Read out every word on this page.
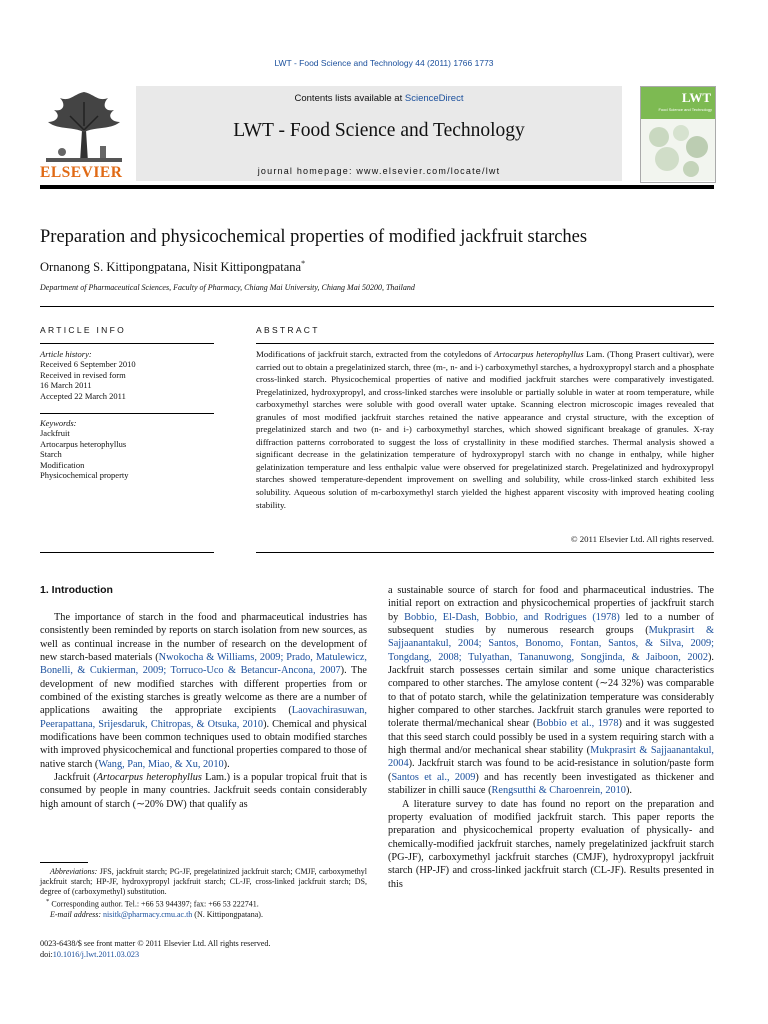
LWT - Food Science and Technology 44 (2011) 1766 1773
ELSEVIER
Contents lists available at ScienceDirect
LWT - Food Science and Technology
journal homepage: www.elsevier.com/locate/lwt
LWT
Food Science and Technology
Preparation and physicochemical properties of modified jackfruit starches
Ornanong S. Kittipongpatana, Nisit Kittipongpatana*
Department of Pharmaceutical Sciences, Faculty of Pharmacy, Chiang Mai University, Chiang Mai 50200, Thailand
ARTICLE INFO
Article history:
Received 6 September 2010
Received in revised form
16 March 2011
Accepted 22 March 2011
Keywords:
Jackfruit
Artocarpus heterophyllus
Starch
Modification
Physicochemical property
ABSTRACT
Modifications of jackfruit starch, extracted from the cotyledons of Artocarpus heterophyllus Lam. (Thong Prasert cultivar), were carried out to obtain a pregelatinized starch, three (m-, n- and i-) carboxymethyl starches, a hydroxypropyl starch and a phosphate cross-linked starch. Physicochemical properties of native and modified jackfruit starches were comparatively investigated. Pregelatinized, hydroxypropyl, and cross-linked starches were insoluble or partially soluble in water at room temperature, while carboxymethyl starches were soluble with good overall water uptake. Scanning electron microscopic images revealed that granules of most modified jackfruit starches retained the native appearance and crystal structure, with the exception of pregelatinized starch and two (n- and i-) carboxymethyl starches, which showed significant breakage of granules. X-ray diffraction patterns corroborated to suggest the loss of crystallinity in these modified starches. Thermal analysis showed a significant decrease in the gelatinization temperature of hydroxypropyl starch with no change in enthalpy, while higher gelatinization temperature and less enthalpic value were observed for pregelatinized starch. Pregelatinized and hydroxypropyl starches showed temperature-dependent improvement on swelling and solubility, while cross-linked starch exhibited less solubility. Aqueous solution of m-carboxymethyl starch yielded the highest apparent viscosity with improved heating cooling stability.
© 2011 Elsevier Ltd. All rights reserved.
1. Introduction

The importance of starch in the food and pharmaceutical industries has consistently been reminded by reports on starch isolation from new sources, as well as continual increase in the number of research on the development of new starch-based materials (Nwokocha & Williams, 2009; Prado, Matulewicz, Bonelli, & Cukierman, 2009; Torruco-Uco & Betancur-Ancona, 2007). The development of new modified starches with different properties from or combined of the existing starches is greatly welcome as there are a number of applications awaiting the appropriate excipients (Laovachirasuwan, Peerapattana, Srijesdaruk, Chitropas, & Otsuka, 2010). Chemical and physical modifications have been common techniques used to obtain modified starches with improved physicochemical and functional properties compared to those of native starch (Wang, Pan, Miao, & Xu, 2010).

Jackfruit (Artocarpus heterophyllus Lam.) is a popular tropical fruit that is consumed by people in many countries. Jackfruit seeds contain considerably high amount of starch (∼20% DW) that qualify as

a sustainable source of starch for food and pharmaceutical industries. The initial report on extraction and physicochemical properties of jackfruit starch by Bobbio, El-Dash, Bobbio, and Rodrigues (1978) led to a number of subsequent studies by numerous research groups (Mukprasirt & Sajjaanantakul, 2004; Santos, Bonomo, Fontan, Santos, & Silva, 2009; Tongdang, 2008; Tulyathan, Tananuwong, Songjinda, & Jaiboon, 2002). Jackfruit starch possesses certain similar and some unique characteristics compared to other starches. The amylose content (∼24 32%) was comparable to that of potato starch, while the gelatinization temperature was considerably higher compared to other starches. Jackfruit starch granules were reported to tolerate thermal/mechanical shear (Bobbio et al., 1978) and it was suggested that this seed starch could possibly be used in a system requiring starch with a high thermal and/or mechanical shear stability (Mukprasirt & Sajjaanantakul, 2004). Jackfruit starch was found to be acid-resistance in solution/paste form (Santos et al., 2009) and has recently been investigated as thickener and stabilizer in chilli sauce (Rengsutthi & Charoenrein, 2010).

A literature survey to date has found no report on the preparation and property evaluation of modified jackfruit starch. This paper reports the preparation and physicochemical property evaluation of physically- and chemically-modified jackfruit starches, namely pregelatinized jackfruit starch (PG-JF), carboxymethyl jackfruit starches (CMJF), hydroxypropyl jackfruit starch (HP-JF) and cross-linked jackfruit starch (CL-JF). Results presented in this

Abbreviations: JFS, jackfruit starch; PG-JF, pregelatinized jackfruit starch; CMJF, carboxymethyl jackfruit starch; HP-JF, hydroxypropyl jackfruit starch; CL-JF, cross-linked jackfruit starch; DS, degree of (carboxymethyl) substitution.
* Corresponding author. Tel.: +66 53 944397; fax: +66 53 222741.
E-mail address: nisitk@pharmacy.cmu.ac.th (N. Kittipongpatana).
0023-6438/$ see front matter © 2011 Elsevier Ltd. All rights reserved.
doi:10.1016/j.lwt.2011.03.023
